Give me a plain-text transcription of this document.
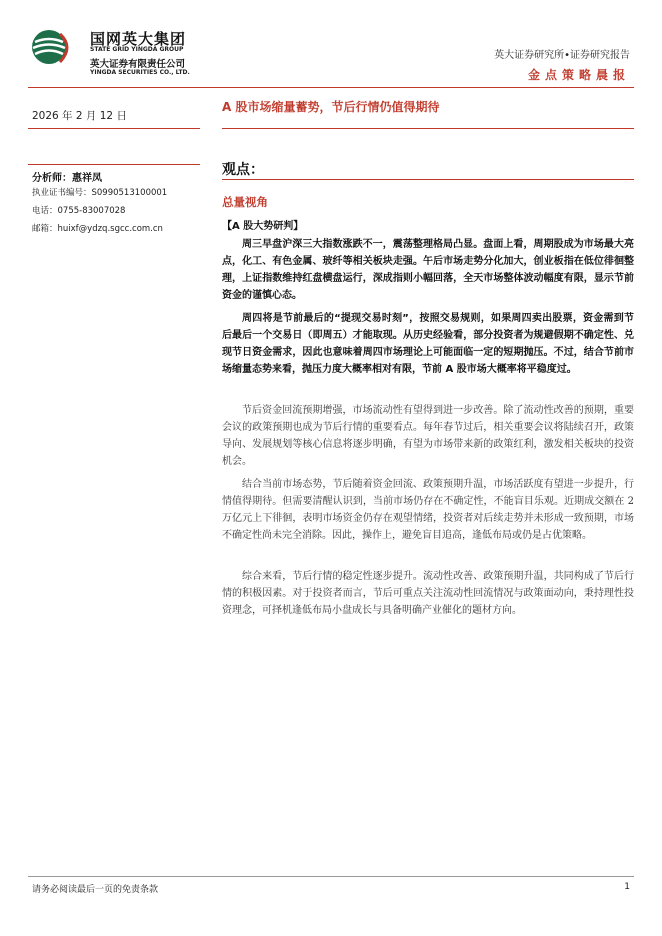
国网英大集团
STATE GRID YINGDA GROUP
英大证券有限责任公司
YINGDA SECURITIES CO., LTD.
英大证券研究所•证券研究报告
金点策略晨报
2026 年 2 月 12 日
分析师：惠祥凤
执业证书编号：S0990513100001
电话：0755-83007028
邮箱：huixf@ydzq.sgcc.com.cn
A 股市场缩量蓄势，节后行情仍值得期待
观点：
总量视角
【A 股大势研判】

周三早盘沪深三大指数涨跌不一，震荡整理格局凸显。盘面上看，周期股成为市场最大亮点，化工、有色金属、玻纤等相关板块走强。午后市场走势分化加大，创业板指在低位徘徊整理，上证指数维持红盘横盘运行，深成指则小幅回落，全天市场整体波动幅度有限，显示节前资金的谨慎心态。

周四将是节前最后的“提现交易时刻”，按照交易规则，如果周四卖出股票，资金需到节后最后一个交易日（即周五）才能取现。从历史经验看，部分投资者为规避假期不确定性、兑现节日资金需求，因此也意味着周四市场理论上可能面临一定的短期抛压。不过，结合节前市场缩量态势来看，抛压力度大概率相对有限，节前 A 股市场大概率将平稳度过。

节后资金回流预期增强，市场流动性有望得到进一步改善。除了流动性改善的预期，重要会议的政策预期也成为节后行情的重要看点。每年春节过后，相关重要会议将陆续召开，政策导向、发展规划等核心信息将逐步明确，有望为市场带来新的政策红利，激发相关板块的投资机会。

结合当前市场态势，节后随着资金回流、政策预期升温，市场活跃度有望进一步提升，行情值得期待。但需要清醒认识到，当前市场仍存在不确定性，不能盲目乐观。近期成交额在 2 万亿元上下徘徊，表明市场资金仍存在观望情绪，投资者对后续走势并未形成一致预期，市场不确定性尚未完全消除。因此，操作上，避免盲目追高，逢低布局或仍是占优策略。

综合来看，节后行情的稳定性逐步提升。流动性改善、政策预期升温，共同构成了节后行情的积极因素。对于投资者而言，节后可重点关注流动性回流情况与政策面动向，秉持理性投资理念，可择机逢低布局小盘成长与具备明确产业催化的题材方向。

请务必阅读最后一页的免责条款	1
